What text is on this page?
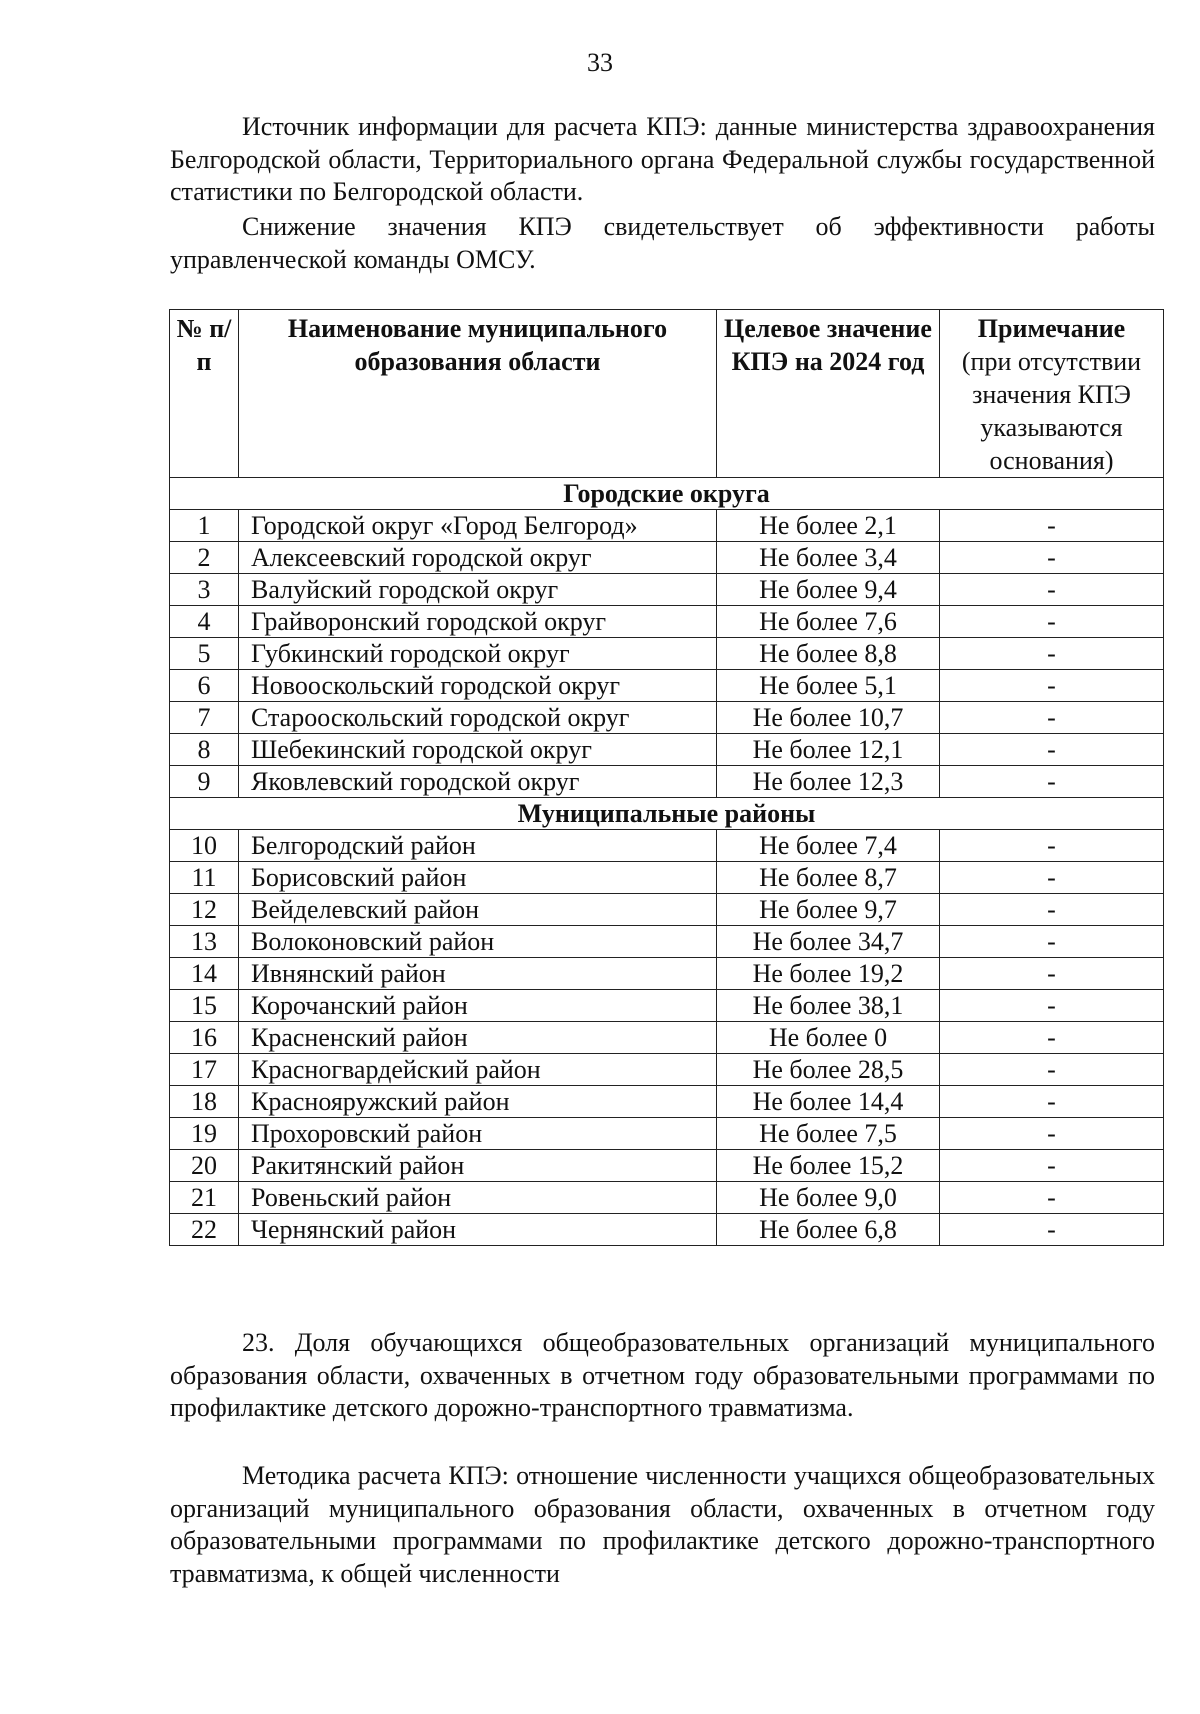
33
Источник информации для расчета КПЭ: данные министерства здравоохранения Белгородской области, Территориального органа Федеральной службы государственной статистики по Белгородской области.
Снижение значения КПЭ свидетельствует об эффективности работы управленческой команды ОМСУ.
№ п/п	Наименование муниципального образования области	Целевое значение КПЭ на 2024 год	Примечание
(при отсутствии значения КПЭ указываются основания)
Городские округа			
1	Городской округ «Город Белгород»	Не более 2,1	-
2	Алексеевский городской округ	Не более 3,4	-
3	Валуйский городской округ	Не более 9,4	-
4	Грайворонский городской округ	Не более 7,6	-
5	Губкинский городской округ	Не более 8,8	-
6	Новооскольский городской округ	Не более 5,1	-
7	Старооскольский городской округ	Не более 10,7	-
8	Шебекинский городской округ	Не более 12,1	-
9	Яковлевский городской округ	Не более 12,3	-
Муниципальные районы			
10	Белгородский район	Не более 7,4	-
11	Борисовский район	Не более 8,7	-
12	Вейделевский район	Не более 9,7	-
13	Волоконовский район	Не более 34,7	-
14	Ивнянский район	Не более 19,2	-
15	Корочанский район	Не более 38,1	-
16	Красненский район	Не более 0	-
17	Красногвардейский район	Не более 28,5	-
18	Краснояружский район	Не более 14,4	-
19	Прохоровский район	Не более 7,5	-
20	Ракитянский район	Не более 15,2	-
21	Ровеньский район	Не более 9,0	-
22	Чернянский район	Не более 6,8	-
23. Доля обучающихся общеобразовательных организаций муниципального образования области, охваченных в отчетном году образовательными программами по профилактике детского дорожно-транспортного травматизма.
Методика расчета КПЭ: отношение численности учащихся общеобразовательных организаций муниципального образования области, охваченных в отчетном году образовательными программами по профилактике детского дорожно-транспортного травматизма, к общей численности
